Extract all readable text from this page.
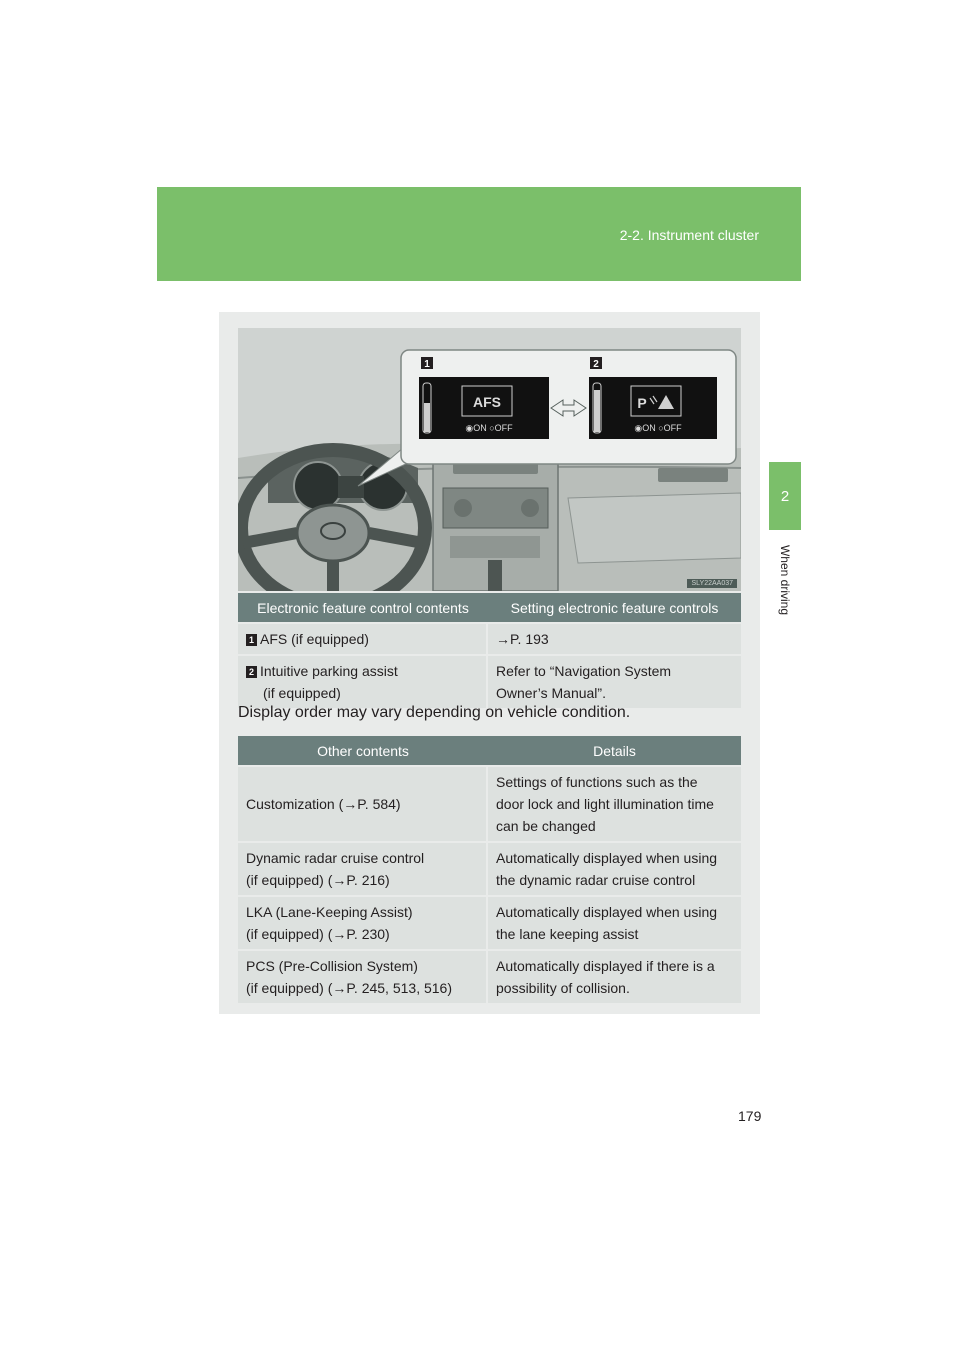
2-2. Instrument cluster
2
When driving
1	2
AFS
◉ON ○OFF
P
◉ON ○OFF
SLY22AA037
Electronic feature control contents	Setting electronic feature controls
1 AFS (if equipped)	→P. 193
2 Intuitive parking assist
(if equipped)	Refer to “Navigation System
Owner’s Manual”.
Display order may vary depending on vehicle condition.
Other contents	Details
Customization (→P. 584)	Settings of functions such as the
door lock and light illumination time
can be changed
Dynamic radar cruise control
(if equipped) (→P. 216)	Automatically displayed when using
the dynamic radar cruise control
LKA (Lane-Keeping Assist)
(if equipped) (→P. 230)	Automatically displayed when using
the lane keeping assist
PCS (Pre-Collision System)
(if equipped) (→P. 245, 513, 516)	Automatically displayed if there is a
possibility of collision.
179
